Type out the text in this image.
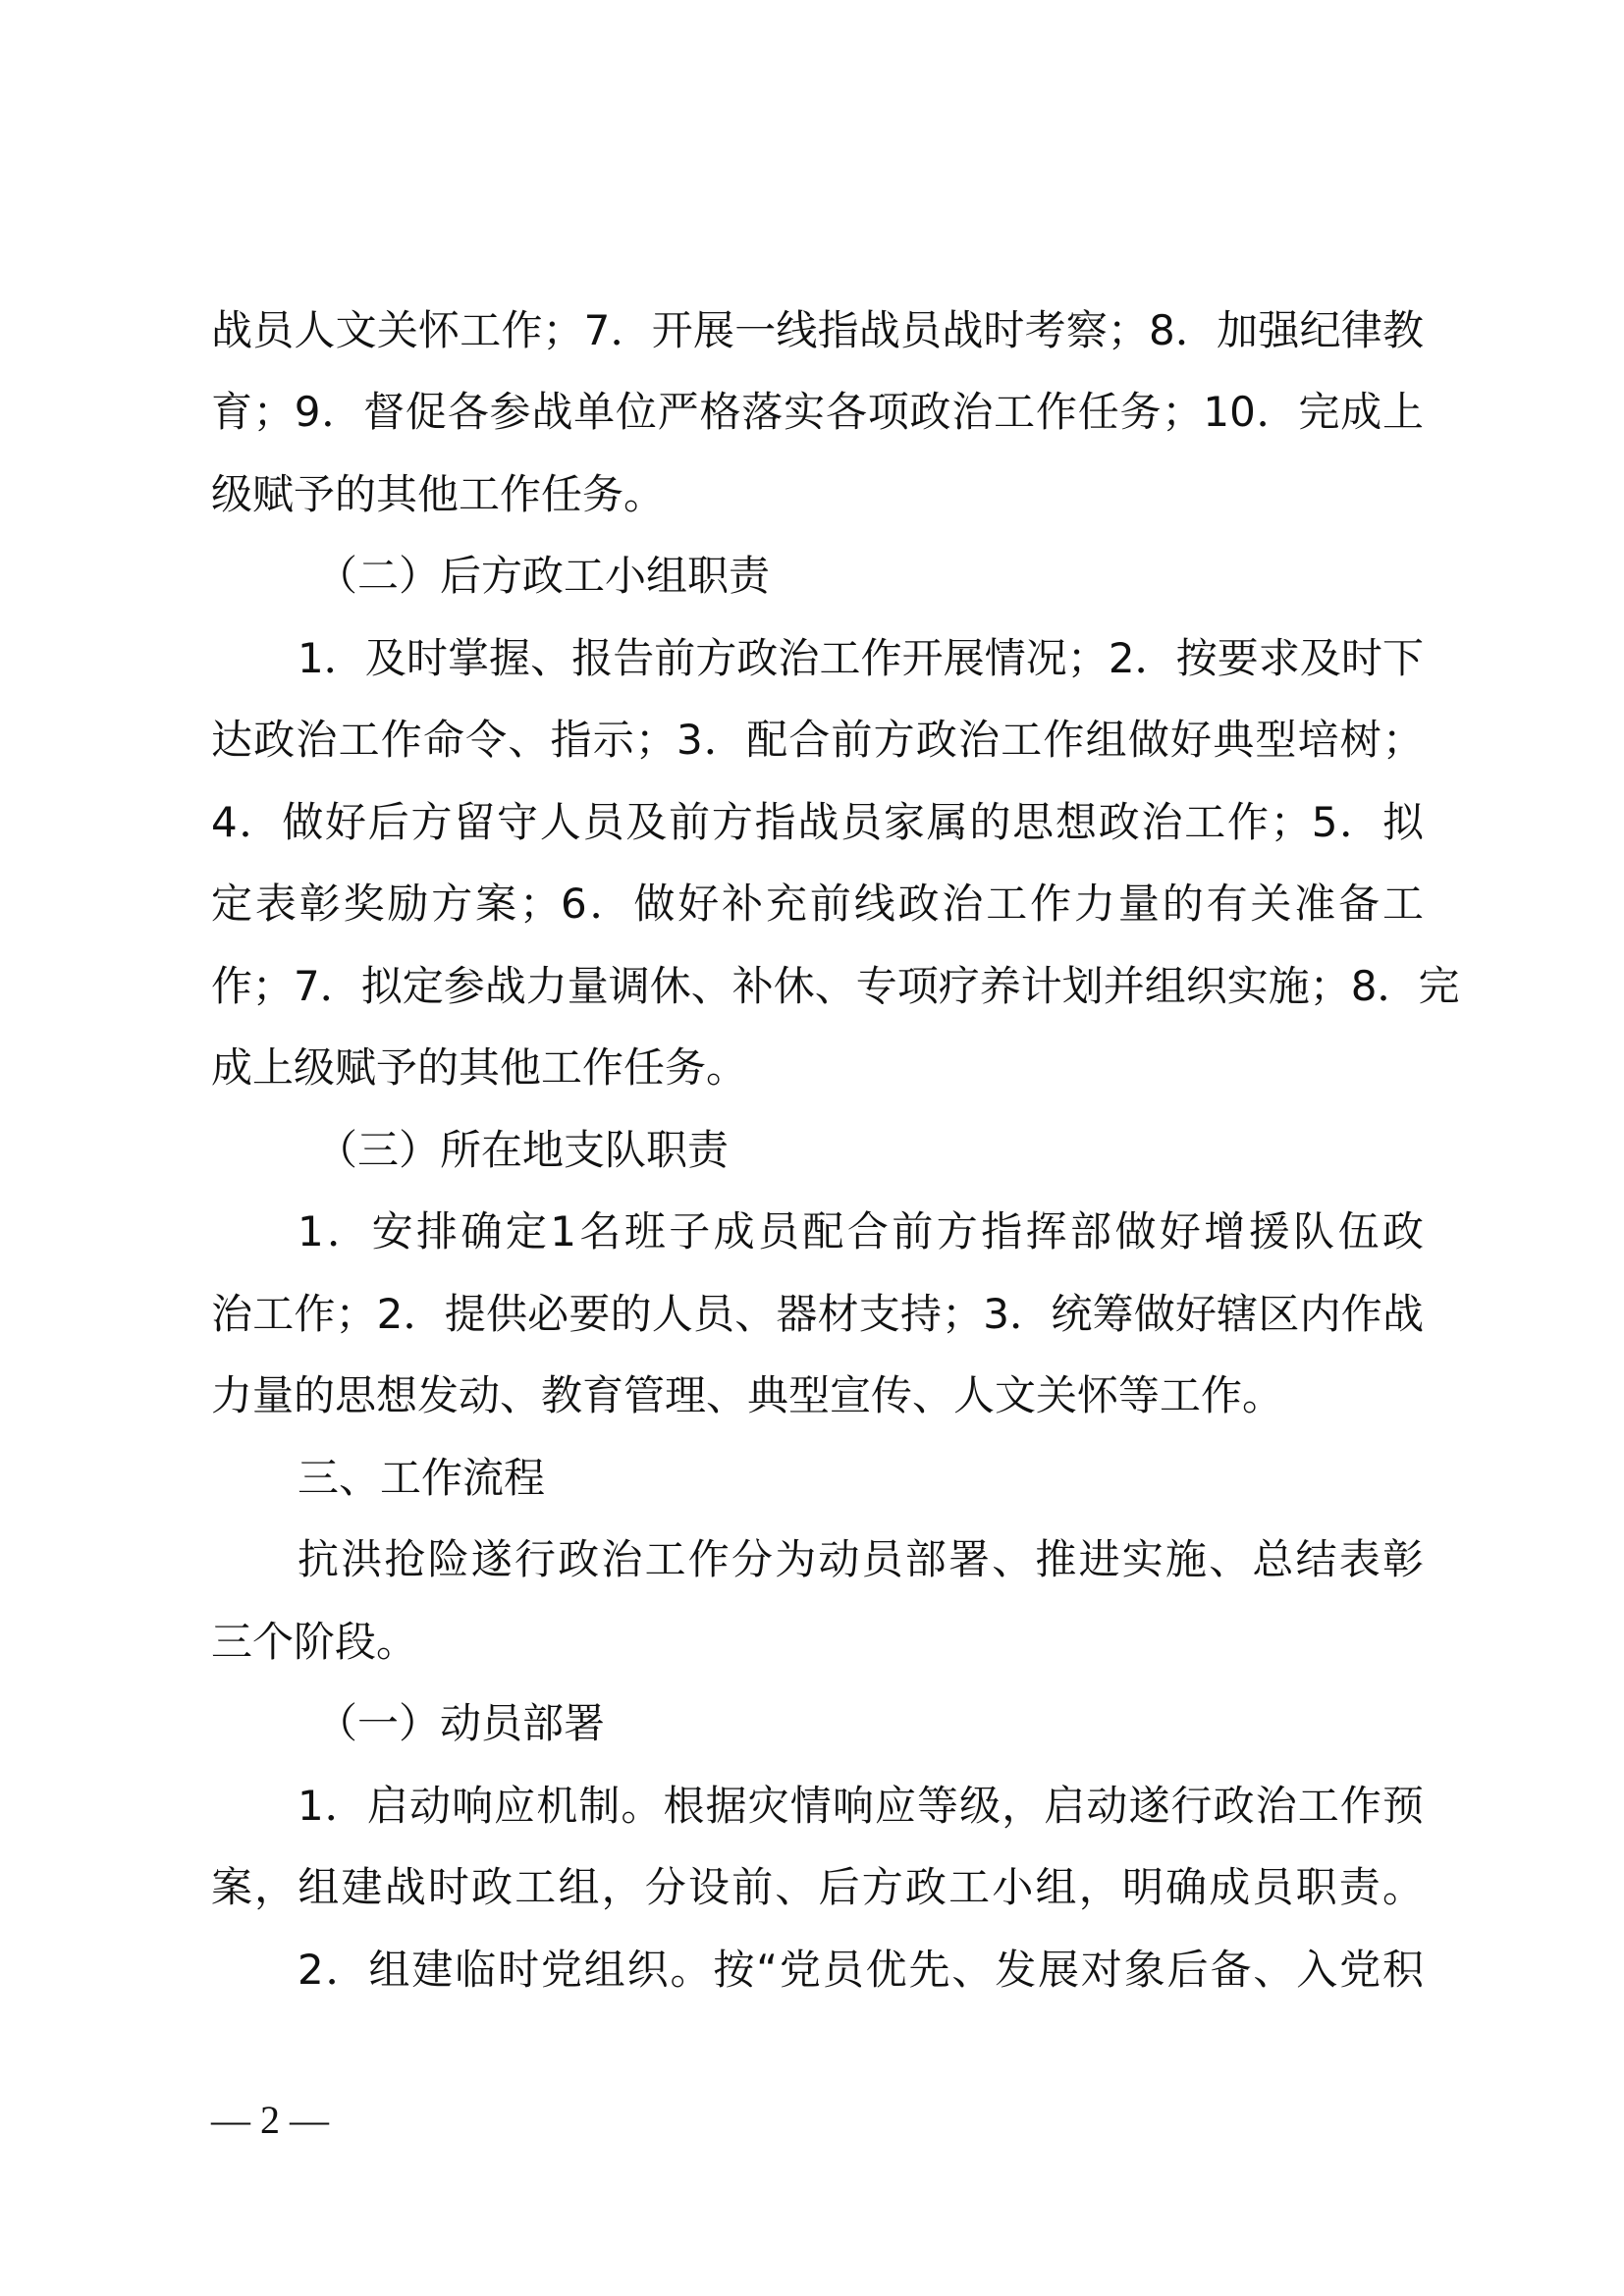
战员人文关怀工作；7．开展一线指战员战时考察；8．加强纪律教
育；9．督促各参战单位严格落实各项政治工作任务；10．完成上
级赋予的其他工作任务。
（二）后方政工小组职责
1．及时掌握、报告前方政治工作开展情况；2．按要求及时下
达政治工作命令、指示；3．配合前方政治工作组做好典型培树；
4．做好后方留守人员及前方指战员家属的思想政治工作；5．拟
定表彰奖励方案；6．做好补充前线政治工作力量的有关准备工
作；7．拟定参战力量调休、补休、专项疗养计划并组织实施；8．完
成上级赋予的其他工作任务。
（三）所在地支队职责
1．安排确定1名班子成员配合前方指挥部做好增援队伍政
治工作；2．提供必要的人员、器材支持；3．统筹做好辖区内作战
力量的思想发动、教育管理、典型宣传、人文关怀等工作。
三、工作流程
抗洪抢险遂行政治工作分为动员部署、推进实施、总结表彰
三个阶段。
（一）动员部署
1．启动响应机制。根据灾情响应等级，启动遂行政治工作预
案，组建战时政工组，分设前、后方政工小组，明确成员职责。
2．组建临时党组织。按“党员优先、发展对象后备、入党积
— 2 —
